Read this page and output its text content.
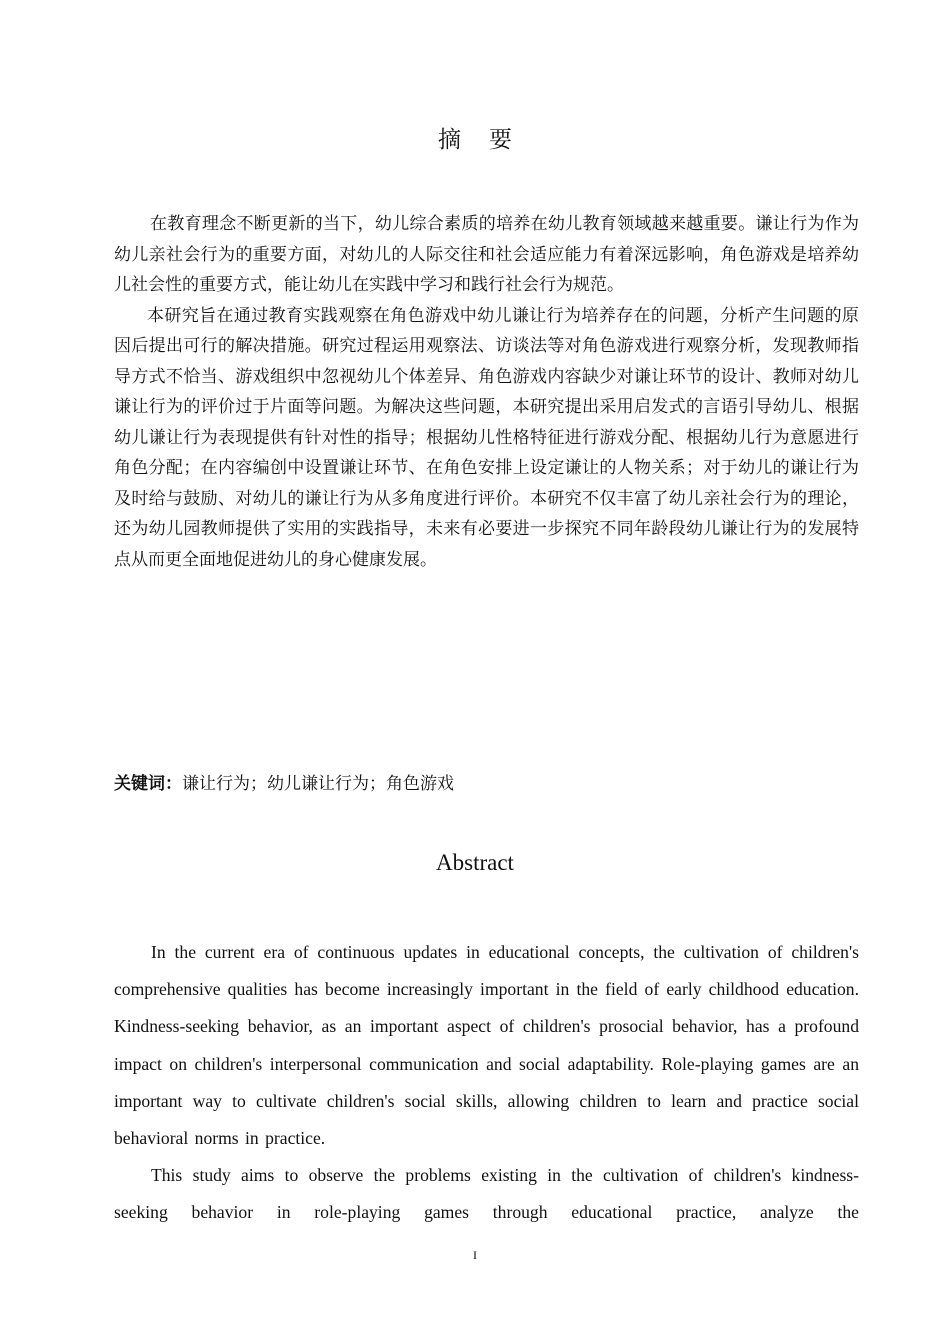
摘要

在教育理念不断更新的当下，幼儿综合素质的培养在幼儿教育领域越来越重要。谦让行为作为幼儿亲社会行为的重要方面，对幼儿的人际交往和社会适应能力有着深远影响，角色游戏是培养幼儿社会性的重要方式，能让幼儿在实践中学习和践行社会行为规范。

本研究旨在通过教育实践观察在角色游戏中幼儿谦让行为培养存在的问题，分析产生问题的原因后提出可行的解决措施。研究过程运用观察法、访谈法等对角色游戏进行观察分析，发现教师指导方式不恰当、游戏组织中忽视幼儿个体差异、角色游戏内容缺少对谦让环节的设计、教师对幼儿谦让行为的评价过于片面等问题。为解决这些问题，本研究提出采用启发式的言语引导幼儿、根据幼儿谦让行为表现提供有针对性的指导；根据幼儿性格特征进行游戏分配、根据幼儿行为意愿进行角色分配；在内容编创中设置谦让环节、在角色安排上设定谦让的人物关系；对于幼儿的谦让行为及时给与鼓励、对幼儿的谦让行为从多角度进行评价。本研究不仅丰富了幼儿亲社会行为的理论，还为幼儿园教师提供了实用的实践指导，未来有必要进一步探究不同年龄段幼儿谦让行为的发展特点从而更全面地促进幼儿的身心健康发展。

关键词：谦让行为；幼儿谦让行为；角色游戏
Abstract

In the current era of continuous updates in educational concepts, the cultivation of children's comprehensive qualities has become increasingly important in the field of early childhood education. Kindness-seeking behavior, as an important aspect of children's prosocial behavior, has a profound impact on children's interpersonal communication and social adaptability. Role-playing games are an important way to cultivate children's social skills, allowing children to learn and practice social behavioral norms in practice.

This study aims to observe the problems existing in the cultivation of children's kindness-seeking behavior in role-playing games through educational practice, analyze the

I
